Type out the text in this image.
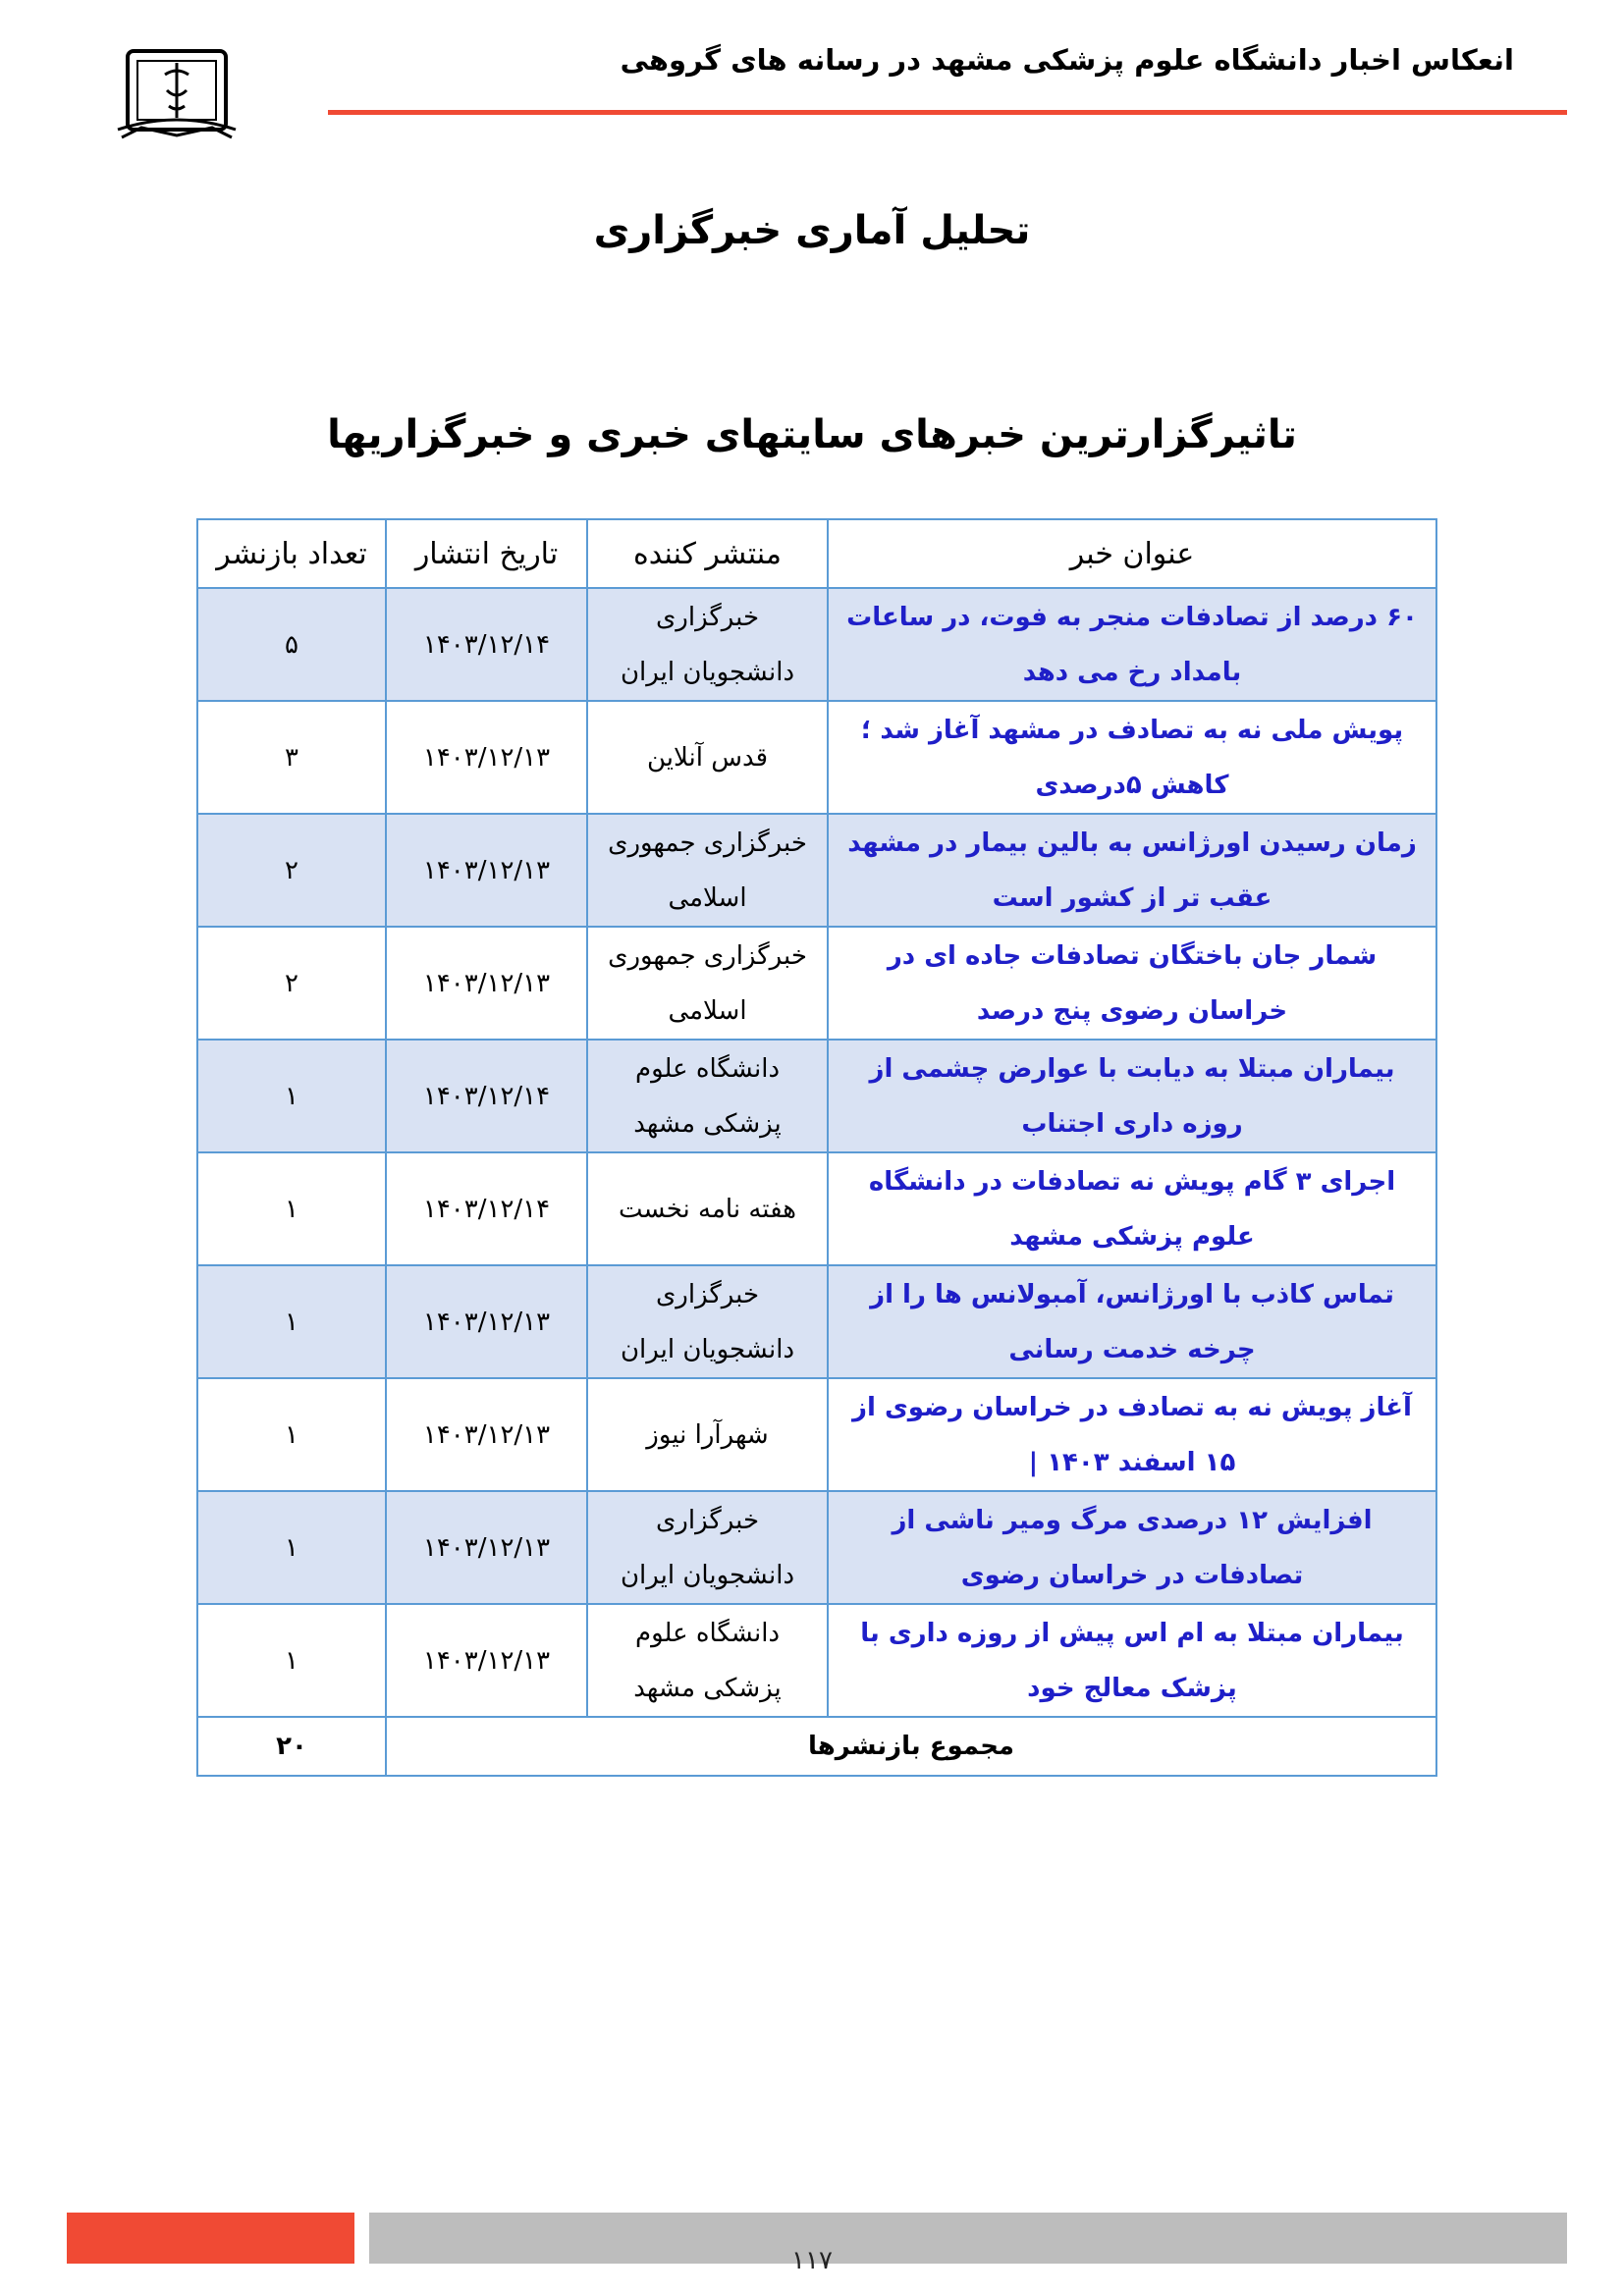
انعکاس اخبار دانشگاه علوم پزشکی مشهد در رسانه های گروهی
تحلیل آماری خبرگزاری
تاثیرگزارترین خبرهای سایتهای خبری و خبرگزاریها
عنوان خبر	منتشر کننده	تاریخ انتشار	تعداد بازنشر
۶۰ درصد از تصادفات منجر به فوت، در ساعات بامداد رخ می دهد	خبرگزاری دانشجویان ایران	۱۴۰۳/۱۲/۱۴	۵
پویش ملی نه به تصادف در مشهد آغاز شد ؛کاهش ۵درصدی	قدس آنلاین	۱۴۰۳/۱۲/۱۳	۳
زمان رسیدن اورژانس به بالین بیمار در مشهد عقب تر از کشور است	خبرگزاری جمهوری اسلامی	۱۴۰۳/۱۲/۱۳	۲
شمار جان باختگان تصادفات جاده ای در خراسان رضوی پنج درصد	خبرگزاری جمهوری اسلامی	۱۴۰۳/۱۲/۱۳	۲
بیماران مبتلا به دیابت با عوارض چشمی از روزه داری اجتناب	دانشگاه علوم پزشکی مشهد	۱۴۰۳/۱۲/۱۴	۱
اجرای ۳ گام پویش نه تصادفات در دانشگاه علوم پزشکی مشهد	هفته نامه نخست	۱۴۰۳/۱۲/۱۴	۱
تماس کاذب با اورژانس، آمبولانس ها را از چرخه خدمت رسانی	خبرگزاری دانشجویان ایران	۱۴۰۳/۱۲/۱۳	۱
آغاز پویش نه به تصادف در خراسان رضوی از ۱۵ اسفند ۱۴۰۳ |	شهرآرا نیوز	۱۴۰۳/۱۲/۱۳	۱
افزایش ۱۲ درصدی مرگ ومیر ناشی از تصادفات در خراسان رضوی	خبرگزاری دانشجویان ایران	۱۴۰۳/۱۲/۱۳	۱
بیماران مبتلا به ام اس پیش از روزه داری با پزشک معالج خود	دانشگاه علوم پزشکی مشهد	۱۴۰۳/۱۲/۱۳	۱
مجموع بازنشرها			۲۰
۱۱۷
